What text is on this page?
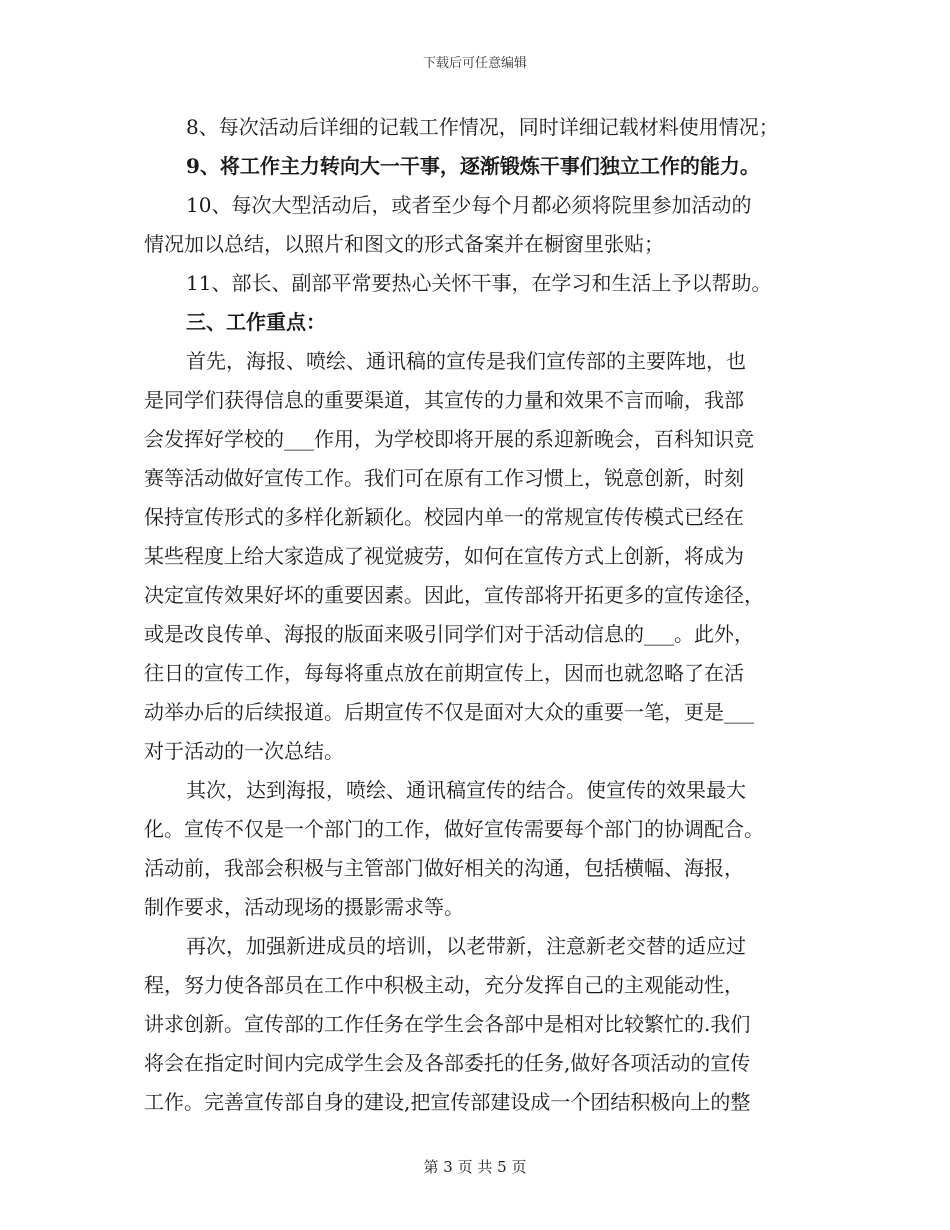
下载后可任意编辑
8、每次活动后详细的记载工作情况，同时详细记载材料使用情况；
9、将工作主力转向大一干事，逐渐锻炼干事们独立工作的能力。
10、每次大型活动后，或者至少每个月都必须将院里参加活动的
情况加以总结，以照片和图文的形式备案并在橱窗里张贴；
11、部长、副部平常要热心关怀干事，在学习和生活上予以帮助。
三、工作重点：
首先，海报、喷绘、通讯稿的宣传是我们宣传部的主要阵地，也
是同学们获得信息的重要渠道，其宣传的力量和效果不言而喻，我部
会发挥好学校的___作用，为学校即将开展的系迎新晚会，百科知识竞
赛等活动做好宣传工作。我们可在原有工作习惯上，锐意创新，时刻
保持宣传形式的多样化新颖化。校园内单一的常规宣传传模式已经在
某些程度上给大家造成了视觉疲劳，如何在宣传方式上创新，将成为
决定宣传效果好坏的重要因素。因此，宣传部将开拓更多的宣传途径，
或是改良传单、海报的版面来吸引同学们对于活动信息的___。此外，
往日的宣传工作，每每将重点放在前期宣传上，因而也就忽略了在活
动举办后的后续报道。后期宣传不仅是面对大众的重要一笔，更是___
对于活动的一次总结。
其次，达到海报，喷绘、通讯稿宣传的结合。使宣传的效果最大
化。宣传不仅是一个部门的工作，做好宣传需要每个部门的协调配合。
活动前，我部会积极与主管部门做好相关的沟通，包括横幅、海报，
制作要求，活动现场的摄影需求等。
再次，加强新进成员的培训，以老带新，注意新老交替的适应过
程，努力使各部员在工作中积极主动，充分发挥自己的主观能动性，
讲求创新。宣传部的工作任务在学生会各部中是相对比较繁忙的.我们
将会在指定时间内完成学生会及各部委托的任务,做好各项活动的宣传
工作。完善宣传部自身的建设,把宣传部建设成一个团结积极向上的整
第 3 页 共 5 页
